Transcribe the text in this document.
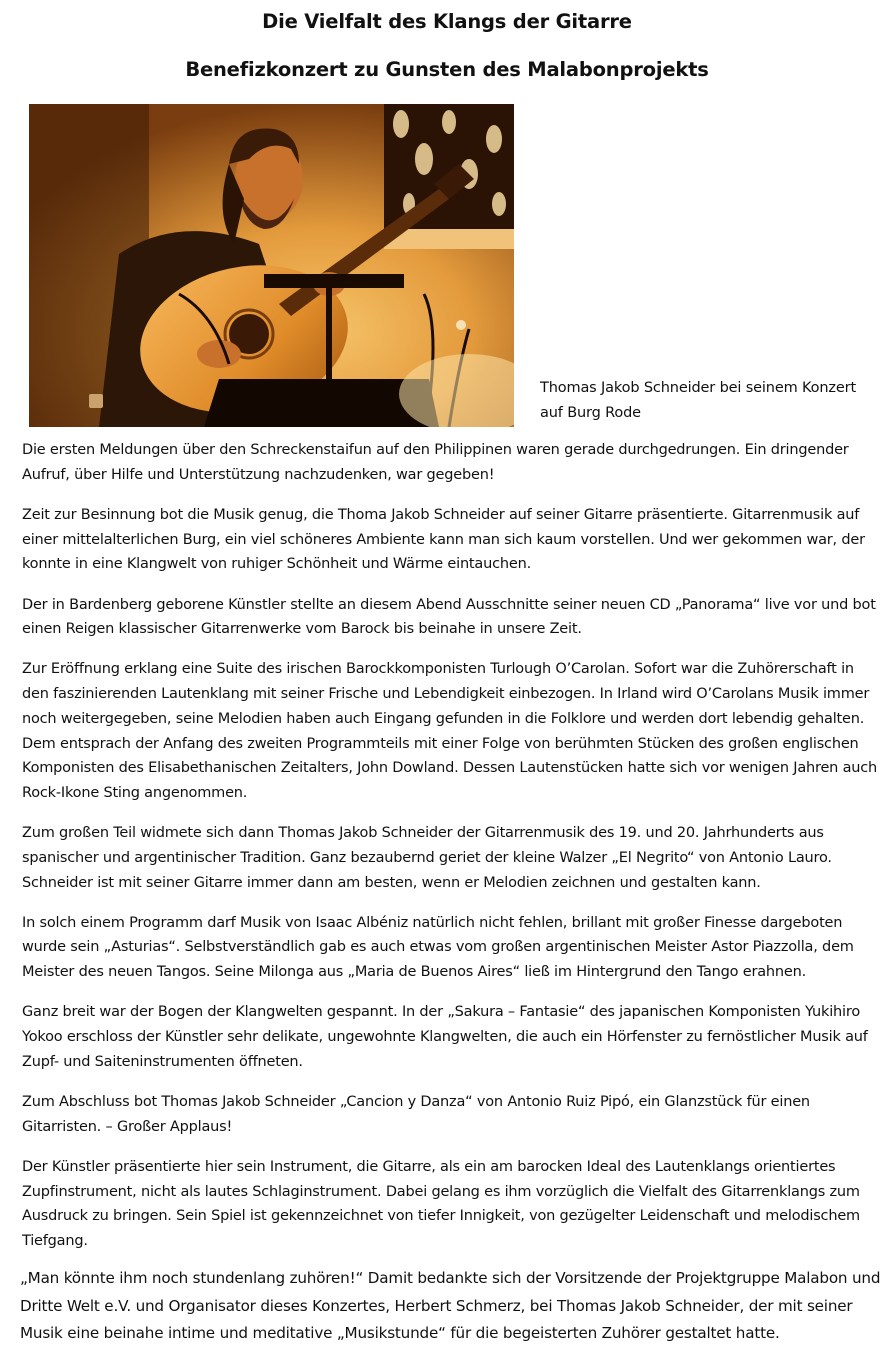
Die Vielfalt des Klangs der Gitarre
Benefizkonzert zu Gunsten des Malabonprojekts
Thomas Jakob Schneider bei seinem Konzert auf Burg Rode

Die ersten Meldungen über den Schreckenstaifun auf den Philippinen waren gerade durchgedrungen. Ein dringender Aufruf, über Hilfe und Unterstützung nachzudenken, war gegeben!

Zeit zur Besinnung bot die Musik genug, die Thoma Jakob Schneider auf seiner Gitarre präsentierte. Gitarrenmusik auf einer mittelalterlichen Burg, ein viel schöneres Ambiente kann man sich kaum vorstellen. Und wer gekommen war, der konnte in eine Klangwelt von ruhiger Schönheit und Wärme eintauchen.

Der in Bardenberg geborene Künstler stellte an diesem Abend Ausschnitte seiner neuen CD „Panorama“ live vor und bot einen Reigen klassischer Gitarrenwerke vom Barock bis beinahe in unsere Zeit.

Zur Eröffnung erklang eine Suite des irischen Barockkomponisten Turlough O’Carolan. Sofort war die Zuhörerschaft in den faszinierenden Lautenklang mit seiner Frische und Lebendigkeit einbezogen. In Irland wird O’Carolans Musik immer noch weitergegeben, seine Melodien haben auch Eingang gefunden in die Folklore und werden dort lebendig gehalten. Dem entsprach der Anfang des zweiten Programmteils mit einer Folge von berühmten Stücken des großen englischen Komponisten des Elisabethanischen Zeitalters, John Dowland. Dessen Lautenstücken hatte sich vor wenigen Jahren auch Rock-Ikone Sting angenommen.

Zum großen Teil widmete sich dann Thomas Jakob Schneider der Gitarrenmusik des 19. und 20. Jahrhunderts aus spanischer und argentinischer Tradition. Ganz bezaubernd geriet der kleine Walzer „El Negrito“ von Antonio Lauro. Schneider ist mit seiner Gitarre immer dann am besten, wenn er Melodien zeichnen und gestalten kann.

In solch einem Programm darf Musik von Isaac Albéniz natürlich nicht fehlen, brillant mit großer Finesse dargeboten wurde sein „Asturias“. Selbstverständlich gab es auch etwas vom großen argentinischen Meister Astor Piazzolla, dem Meister des neuen Tangos. Seine Milonga aus „Maria de Buenos Aires“ ließ im Hintergrund den Tango erahnen.

Ganz breit war der Bogen der Klangwelten gespannt. In der „Sakura – Fantasie“ des japanischen Komponisten Yukihiro Yokoo erschloss der Künstler sehr delikate, ungewohnte Klangwelten, die auch ein Hörfenster zu fernöstlicher Musik auf Zupf- und Saiteninstrumenten öffneten.

Zum Abschluss bot Thomas Jakob Schneider „Cancion y Danza“ von Antonio Ruiz Pipó, ein Glanzstück für einen Gitarristen. – Großer Applaus!

Der Künstler präsentierte hier sein Instrument, die Gitarre, als ein am barocken Ideal des Lautenklangs orientiertes Zupfinstrument, nicht als lautes Schlaginstrument. Dabei gelang es ihm vorzüglich die Vielfalt des Gitarrenklangs zum Ausdruck zu bringen. Sein Spiel ist gekennzeichnet von tiefer Innigkeit, von gezügelter Leidenschaft und melodischem Tiefgang.

„Man könnte ihm noch stundenlang zuhören!“ Damit bedankte sich der Vorsitzende der Projektgruppe Malabon und Dritte Welt e.V. und Organisator dieses Konzertes, Herbert Schmerz, bei Thomas Jakob Schneider, der mit seiner Musik eine beinahe intime und meditative „Musikstunde“ für die begeisterten Zuhörer gestaltet hatte.
